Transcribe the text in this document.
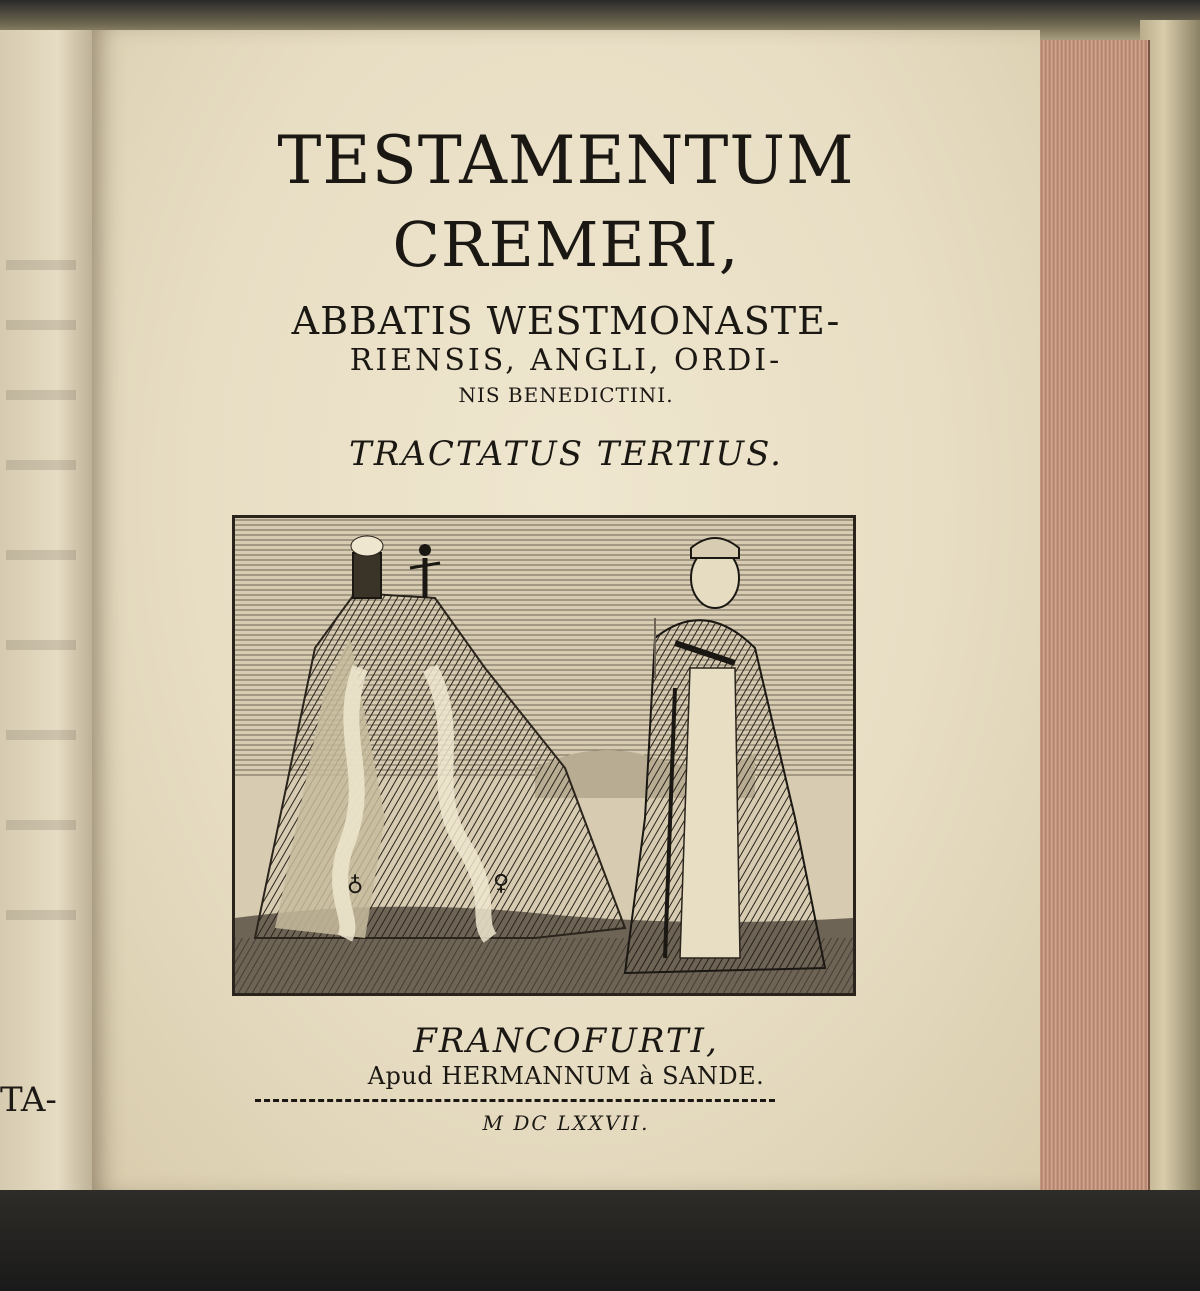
TA-
TESTAMENTUM
CREMERI,
ABBATIS WESTMONASTE-
RIENSIS, ANGLI, ORDI-
NIS BENEDICTINI.
TRACTATUS TERTIUS.
♁	♀
FRANCOFURTI,
Apud HERMANNUM à SANDE.
M DC LXXVII.
